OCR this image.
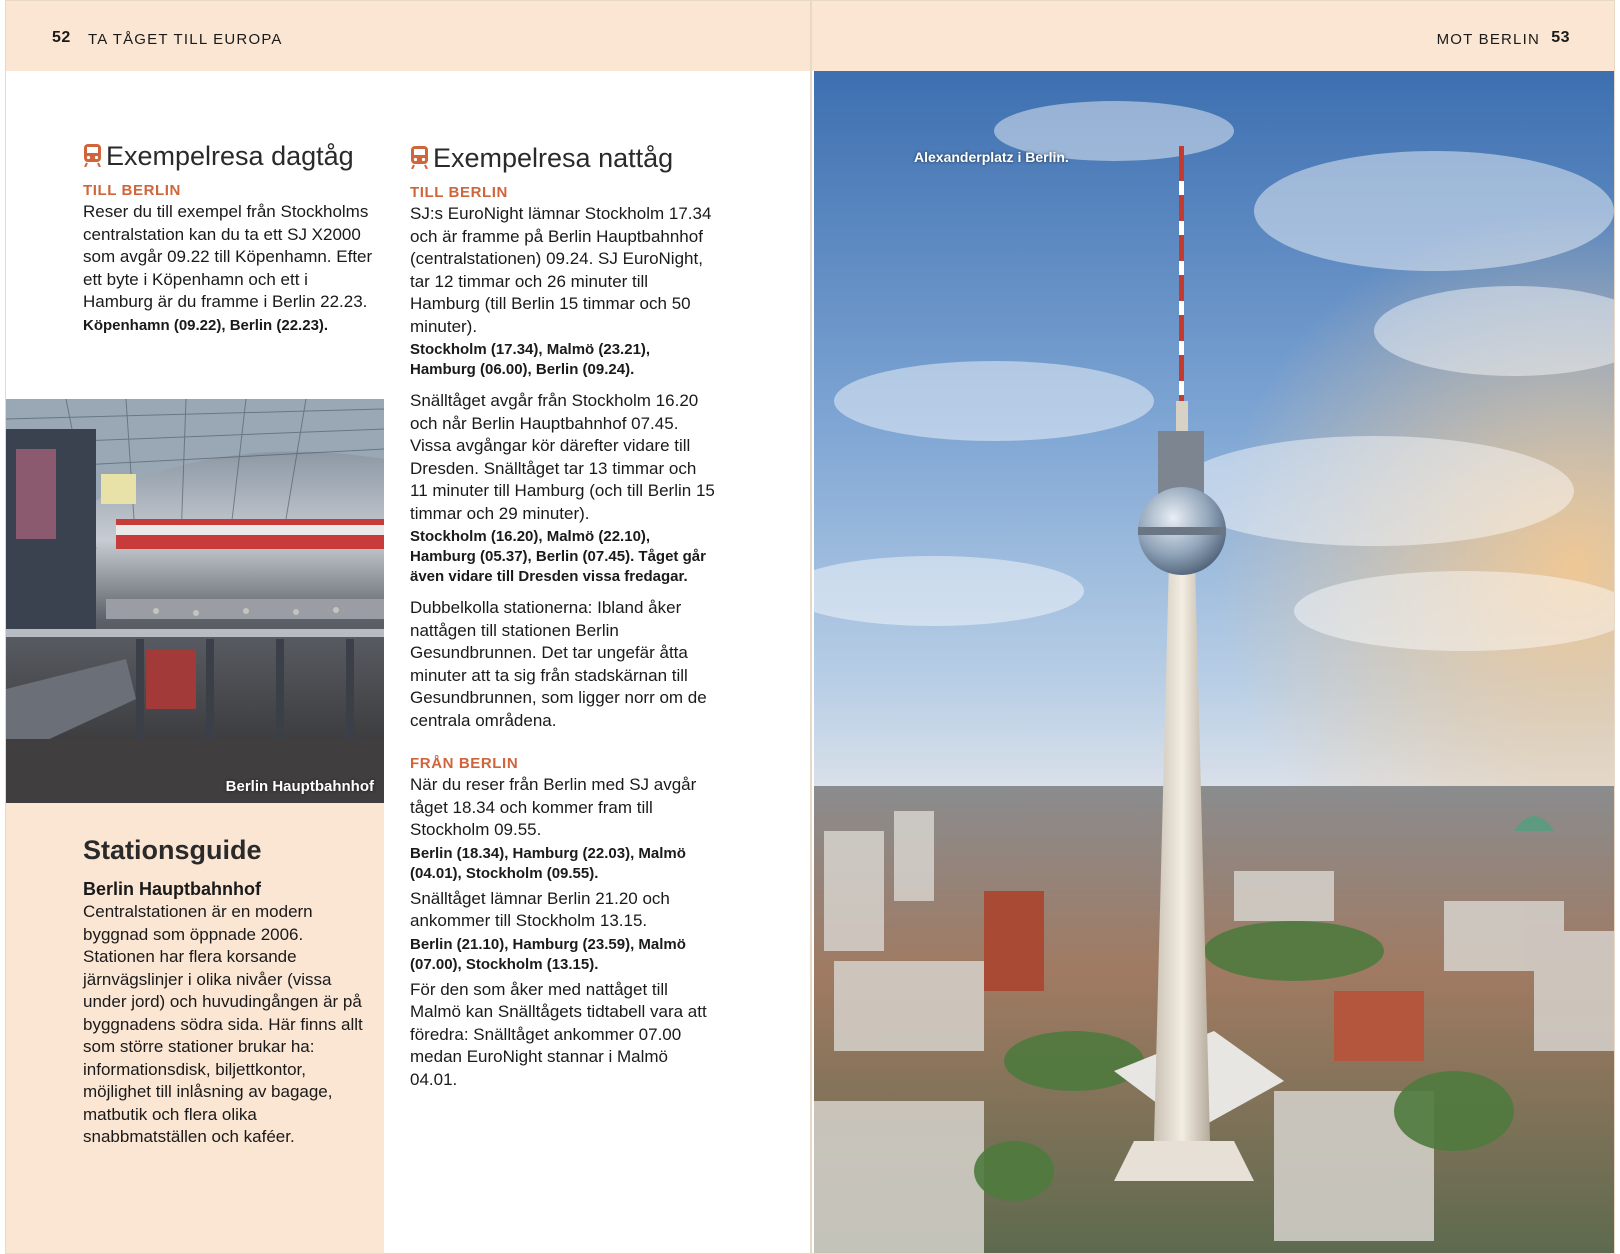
52 TA TÅGET TILL EUROPA
Exempelresa dagtåg
TILL BERLIN

Reser du till exempel från Stockholms centralstation kan du ta ett SJ X2000 som avgår 09.22 till Köpenhamn. Efter ett byte i Köpenhamn och ett i Hamburg är du framme i Berlin 22.23.

Köpenhamn (09.22), Berlin (22.23).

Berlin Hauptbahnhof
Stationsguide
Berlin Hauptbahnhof

Centralstationen är en modern byggnad som öppnade 2006. Stationen har flera korsande järnvägslinjer i olika nivåer (vissa under jord) och huvudingången är på byggnadens södra sida. Här finns allt som större stationer brukar ha: informationsdisk, biljettkontor, möjlighet till inlåsning av bagage, matbutik och flera olika snabbmatställen och kaféer.

Exempelresa nattåg
TILL BERLIN

SJ:s EuroNight lämnar Stockholm 17.34 och är framme på Berlin Hauptbahnhof (centralstationen) 09.24. SJ EuroNight, tar 12 timmar och 26 minuter till Hamburg (till Berlin 15 timmar och 50 minuter).

Stockholm (17.34), Malmö (23.21), Hamburg (06.00), Berlin (09.24).

Snälltåget avgår från Stockholm 16.20 och når Berlin Hauptbahnhof 07.45. Vissa avgångar kör därefter vidare till Dresden. Snälltåget tar 13 timmar och 11 minuter till Hamburg (och till Berlin 15 timmar och 29 minuter).

Stockholm (16.20), Malmö (22.10), Hamburg (05.37), Berlin (07.45). Tåget går även vidare till Dresden vissa fredagar.

Dubbelkolla stationerna: Ibland åker nattågen till stationen Berlin Gesundbrunnen. Det tar ungefär åtta minuter att ta sig från stadskärnan till Gesundbrunnen, som ligger norr om de centrala områdena.

FRÅN BERLIN

När du reser från Berlin med SJ avgår tåget 18.34 och kommer fram till Stockholm 09.55.

Berlin (18.34), Hamburg (22.03), Malmö (04.01), Stockholm (09.55).

Snälltåget lämnar Berlin 21.20 och ankommer till Stockholm 13.15.

Berlin (21.10), Hamburg (23.59), Malmö (07.00), Stockholm (13.15).

För den som åker med nattåget till Malmö kan Snälltågets tidtabell vara att föredra: Snälltåget ankommer 07.00 medan EuroNight stannar i Malmö 04.01.

MOT BERLIN 53
Alexanderplatz i Berlin.
